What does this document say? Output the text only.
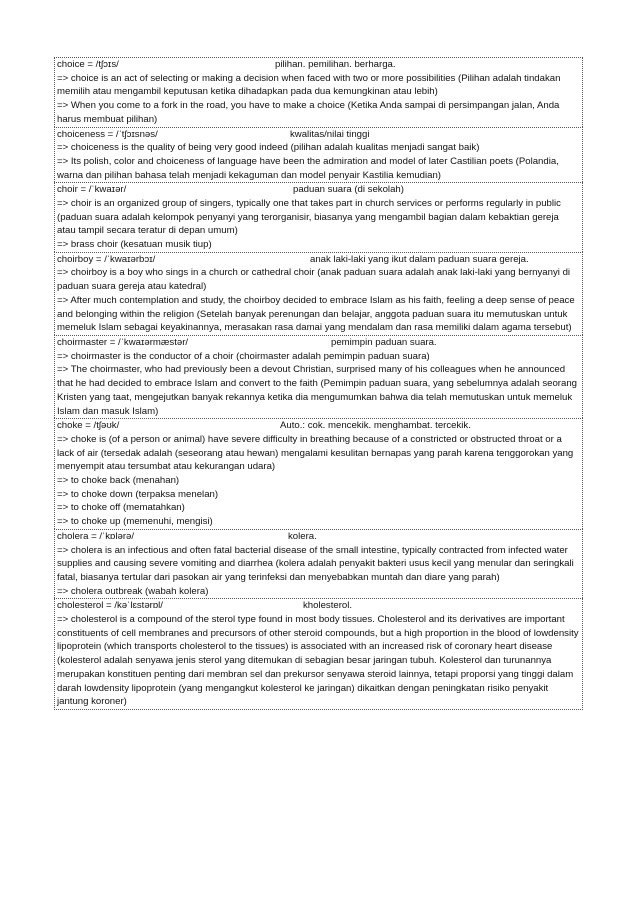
choice = /tʃɔɪs/	pilihan. pemilihan. berharga.
=> choice is an act of selecting or making a decision when faced with two or more possibilities (Pilihan adalah tindakan memilih atau mengambil keputusan ketika dihadapkan pada dua kemungkinan atau lebih)
=> When you come to a fork in the road, you have to make a choice (Ketika Anda sampai di persimpangan jalan, Anda harus membuat pilihan)
choiceness = /ˈtʃɔɪsnəs/	kwalitas/nilai tinggi
=> choiceness is the quality of being very good indeed (pilihan adalah kualitas menjadi sangat baik)
=> Its polish, color and choiceness of language have been the admiration and model of later Castilian poets (Polandia, warna dan pilihan bahasa telah menjadi kekaguman dan model penyair Kastilia kemudian)
choir = /ˈkwaɪər/	paduan suara (di sekolah)
=> choir is an organized group of singers, typically one that takes part in church services or performs regularly in public (paduan suara adalah kelompok penyanyi yang terorganisir, biasanya yang mengambil bagian dalam kebaktian gereja atau tampil secara teratur di depan umum)
=> brass choir (kesatuan musik tiup)
choirboy = /ˈkwaɪərbɔɪ/	anak laki-laki yang ikut dalam paduan suara gereja.
=> choirboy is a boy who sings in a church or cathedral choir (anak paduan suara adalah anak laki-laki yang bernyanyi di paduan suara gereja atau katedral)
=> After much contemplation and study, the choirboy decided to embrace Islam as his faith, feeling a deep sense of peace and belonging within the religion (Setelah banyak perenungan dan belajar, anggota paduan suara itu memutuskan untuk memeluk Islam sebagai keyakinannya, merasakan rasa damai yang mendalam dan rasa memiliki dalam agama tersebut)
choirmaster = /ˈkwaɪərmæstər/	pemimpin paduan suara.
=> choirmaster is the conductor of a choir (choirmaster adalah pemimpin paduan suara)
=> The choirmaster, who had previously been a devout Christian, surprised many of his colleagues when he announced that he had decided to embrace Islam and convert to the faith (Pemimpin paduan suara, yang sebelumnya adalah seorang Kristen yang taat, mengejutkan banyak rekannya ketika dia mengumumkan bahwa dia telah memutuskan untuk memeluk Islam dan masuk Islam)
choke = /tʃəʊk/	Auto.: cok. mencekik. menghambat. tercekik.
=> choke is (of a person or animal) have severe difficulty in breathing because of a constricted or obstructed throat or a lack of air (tersedak adalah (seseorang atau hewan) mengalami kesulitan bernapas yang parah karena tenggorokan yang menyempit atau tersumbat atau kekurangan udara)
=> to choke back (menahan)
=> to choke down (terpaksa menelan)
=> to choke off (mematahkan)
=> to choke up (memenuhi, mengisi)
cholera = /ˈkɒlərə/	kolera.
=> cholera is an infectious and often fatal bacterial disease of the small intestine, typically contracted from infected water supplies and causing severe vomiting and diarrhea (kolera adalah penyakit bakteri usus kecil yang menular dan seringkali fatal, biasanya tertular dari pasokan air yang terinfeksi dan menyebabkan muntah dan diare yang parah)
=> cholera outbreak (wabah kolera)
cholesterol = /kəˈlɛstərɒl/	kholesterol.
=> cholesterol is a compound of the sterol type found in most body tissues. Cholesterol and its derivatives are important constituents of cell membranes and precursors of other steroid compounds, but a high proportion in the blood of lowdensity lipoprotein (which transports cholesterol to the tissues) is associated with an increased risk of coronary heart disease (kolesterol adalah senyawa jenis sterol yang ditemukan di sebagian besar jaringan tubuh. Kolesterol dan turunannya merupakan konstituen penting dari membran sel dan prekursor senyawa steroid lainnya, tetapi proporsi yang tinggi dalam darah lowdensity lipoprotein (yang mengangkut kolesterol ke jaringan) dikaitkan dengan peningkatan risiko penyakit jantung koroner)
